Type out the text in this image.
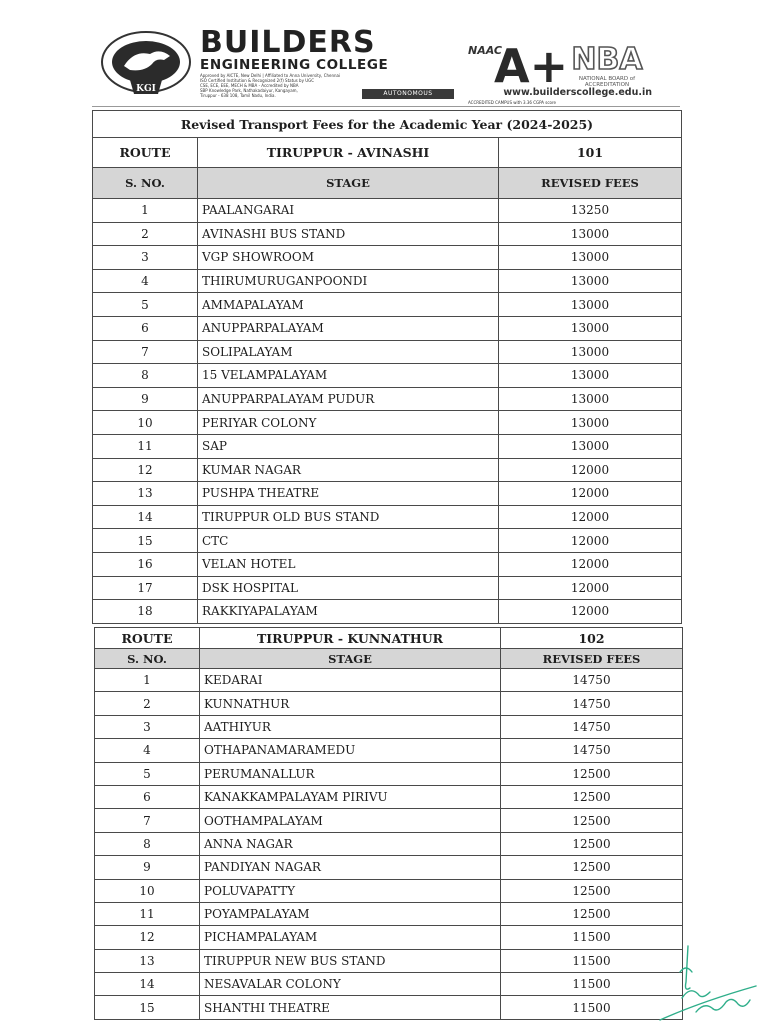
KGI
BUILDERS
ENGINEERING COLLEGE
Approved by AICTE, New Delhi | Affiliated to Anna University, Chennai
ISO Certified Institution & Recognized 2(f) Status by UGC
CSE, ECE, EEE, MECH & MBA - Accredited by NBA
SBP Knowledge Park, Nathakadaiyur, Kangayam,
Tiruppur - 638 108, Tamil Nadu, India.	AUTONOMOUS
NAAC
A+
ACCREDITED CAMPUS with 3.36 CGPA score
NBA
NATIONAL BOARD of ACCREDITATION
www.builderscollege.edu.in
Revised Transport Fees for the Academic Year (2024-2025)		
ROUTE	TIRUPPUR - AVINASHI	101
S. NO.	STAGE	REVISED FEES
1	PAALANGARAI	13250
2	AVINASHI BUS STAND	13000
3	VGP SHOWROOM	13000
4	THIRUMURUGANPOONDI	13000
5	AMMAPALAYAM	13000
6	ANUPPARPALAYAM	13000
7	SOLIPALAYAM	13000
8	15 VELAMPALAYAM	13000
9	ANUPPARPALAYAM PUDUR	13000
10	PERIYAR COLONY	13000
11	SAP	13000
12	KUMAR NAGAR	12000
13	PUSHPA THEATRE	12000
14	TIRUPPUR OLD BUS STAND	12000
15	CTC	12000
16	VELAN HOTEL	12000
17	DSK HOSPITAL	12000
18	RAKKIYAPALAYAM	12000
ROUTE	TIRUPPUR - KUNNATHUR	102
S. NO.	STAGE	REVISED FEES
1	KEDARAI	14750
2	KUNNATHUR	14750
3	AATHIYUR	14750
4	OTHAPANAMARAMEDU	14750
5	PERUMANALLUR	12500
6	KANAKKAMPALAYAM PIRIVU	12500
7	OOTHAMPALAYAM	12500
8	ANNA NAGAR	12500
9	PANDIYAN NAGAR	12500
10	POLUVAPATTY	12500
11	POYAMPALAYAM	12500
12	PICHAMPALAYAM	11500
13	TIRUPPUR NEW BUS STAND	11500
14	NESAVALAR COLONY	11500
15	SHANTHI THEATRE	11500
